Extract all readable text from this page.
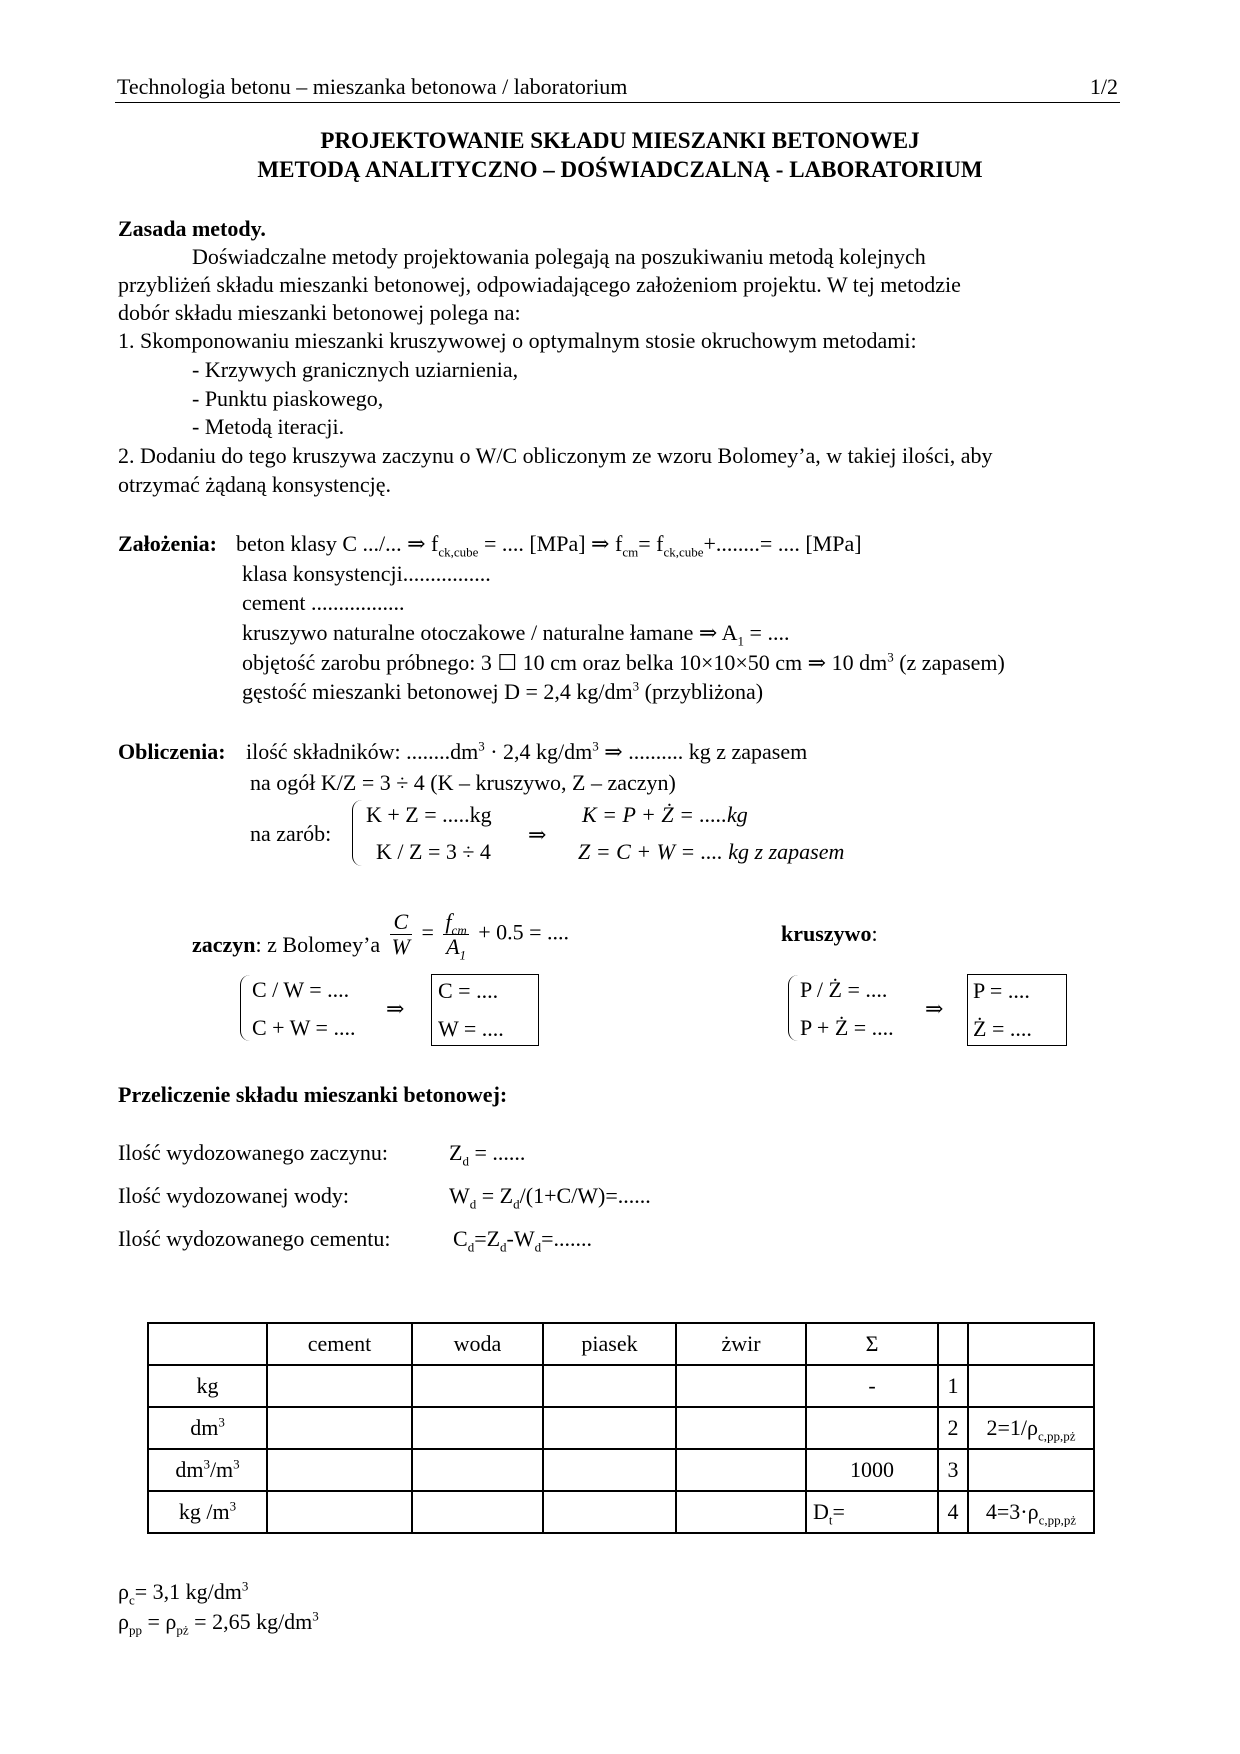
Technologia betonu – mieszanka betonowa / laboratorium	1/2
PROJEKTOWANIE SKŁADU MIESZANKI BETONOWEJ
METODĄ ANALITYCZNO – DOŚWIADCZALNĄ - LABORATORIUM
Zasada metody.
Doświadczalne metody projektowania polegają na poszukiwaniu metodą kolejnych
przybliżeń składu mieszanki betonowej, odpowiadającego założeniom projektu. W tej metodzie
dobór składu mieszanki betonowej polega na:
1. Skomponowaniu mieszanki kruszywowej o optymalnym stosie okruchowym metodami:
- Krzywych granicznych uziarnienia,
- Punktu piaskowego,
- Metodą iteracji.
2. Dodaniu do tego kruszywa zaczynu o W/C obliczonym ze wzoru Bolomey’a, w takiej ilości, aby
otrzymać żądaną konsystencję.
Założenia: beton klasy C .../... ⇒ $f_{ck,cube}$ = .... [MPa] ⇒ $f_{cm}= f_{ck,cube}+........=$ .... [MPa]
klasa konsystencji................
cement .................
kruszywo naturalne otoczakowe / naturalne łamane ⇒ $A_1$ = ....
objętość zarobu próbnego: 3 ☐ 10 cm oraz belka 10×10×50 cm ⇒ 10 $dm^3$ (z zapasem)
gęstość mieszanki betonowej D = 2,4 $kg/dm^3$ (przybliżona)
Obliczenia: ilość składników: $........dm^3 \cdot 2,4$ $kg/dm^3$ ⇒ .......... kg z zapasem
na ogół K/Z = 3 ÷ 4 (K – kruszywo, Z – zaczyn)
na zarób:
K + Z = .....kg
K / Z = 3 ÷ 4
⇒
K = P + Ż = .....kg
Z = C + W = .... kg z zapasem
zaczyn: z Bolomey’a $\frac{C}{W} = \frac{f_{cm}}{A_1} + 0.5$ = ....
C / W = ....
C + W = ....
⇒
C = ....
W = ....
kruszywo:
P / Ż = ....
P + Ż = ....
⇒
P = ....
Ż = ....
Przeliczenie składu mieszanki betonowej:
Ilość wydozowanego zaczynu:	$Z_d$ = ......
Ilość wydozowanej wody:	$W_d = Z_d/(1+C/W)=$......
Ilość wydozowanego cementu:	$C_d=Z_d-W_d=$.......
	cement	woda	piasek	żwir	Σ		
kg					-	1	
$dm^3$						2	$2=1/\rho_{c,pp,pż}$
$dm^3/m^3$					1000	3	
kg $/m^3$					$D_t=$	4	$4=3\cdot\rho_{c,pp,pż}$
$\rho_c= 3,1$ $kg/dm^3$
$\rho_{pp} = \rho_{pż} = 2,65$ $kg/dm^3$
